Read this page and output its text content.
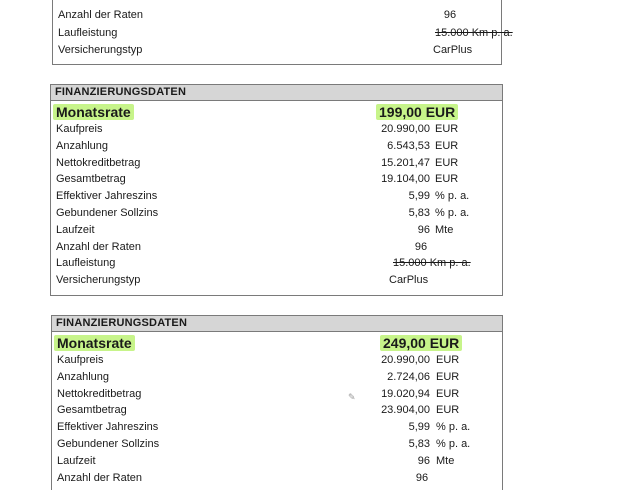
Anzahl der Raten	96
Laufleistung	15.000 Km p. a.
Versicherungstyp	CarPlus
FINANZIERUNGSDATEN
Monatsrate	199,00 EUR
Kaufpreis	20.990,00 EUR
Anzahlung	6.543,53 EUR
Nettokreditbetrag	15.201,47 EUR
Gesamtbetrag	19.104,00 EUR
Effektiver Jahreszins	5,99 % p. a.
Gebundener Sollzins	5,83 % p. a.
Laufzeit	96 Mte
Anzahl der Raten	96
Laufleistung	15.000 Km p. a.
Versicherungstyp	CarPlus
FINANZIERUNGSDATEN
Monatsrate	249,00 EUR
Kaufpreis	20.990,00 EUR
Anzahlung	2.724,06 EUR
Nettokreditbetrag	19.020,94 EUR
Gesamtbetrag	23.904,00 EUR
Effektiver Jahreszins	5,99 % p. a.
Gebundener Sollzins	5,83 % p. a.
Laufzeit	96 Mte
Anzahl der Raten	96
✎
